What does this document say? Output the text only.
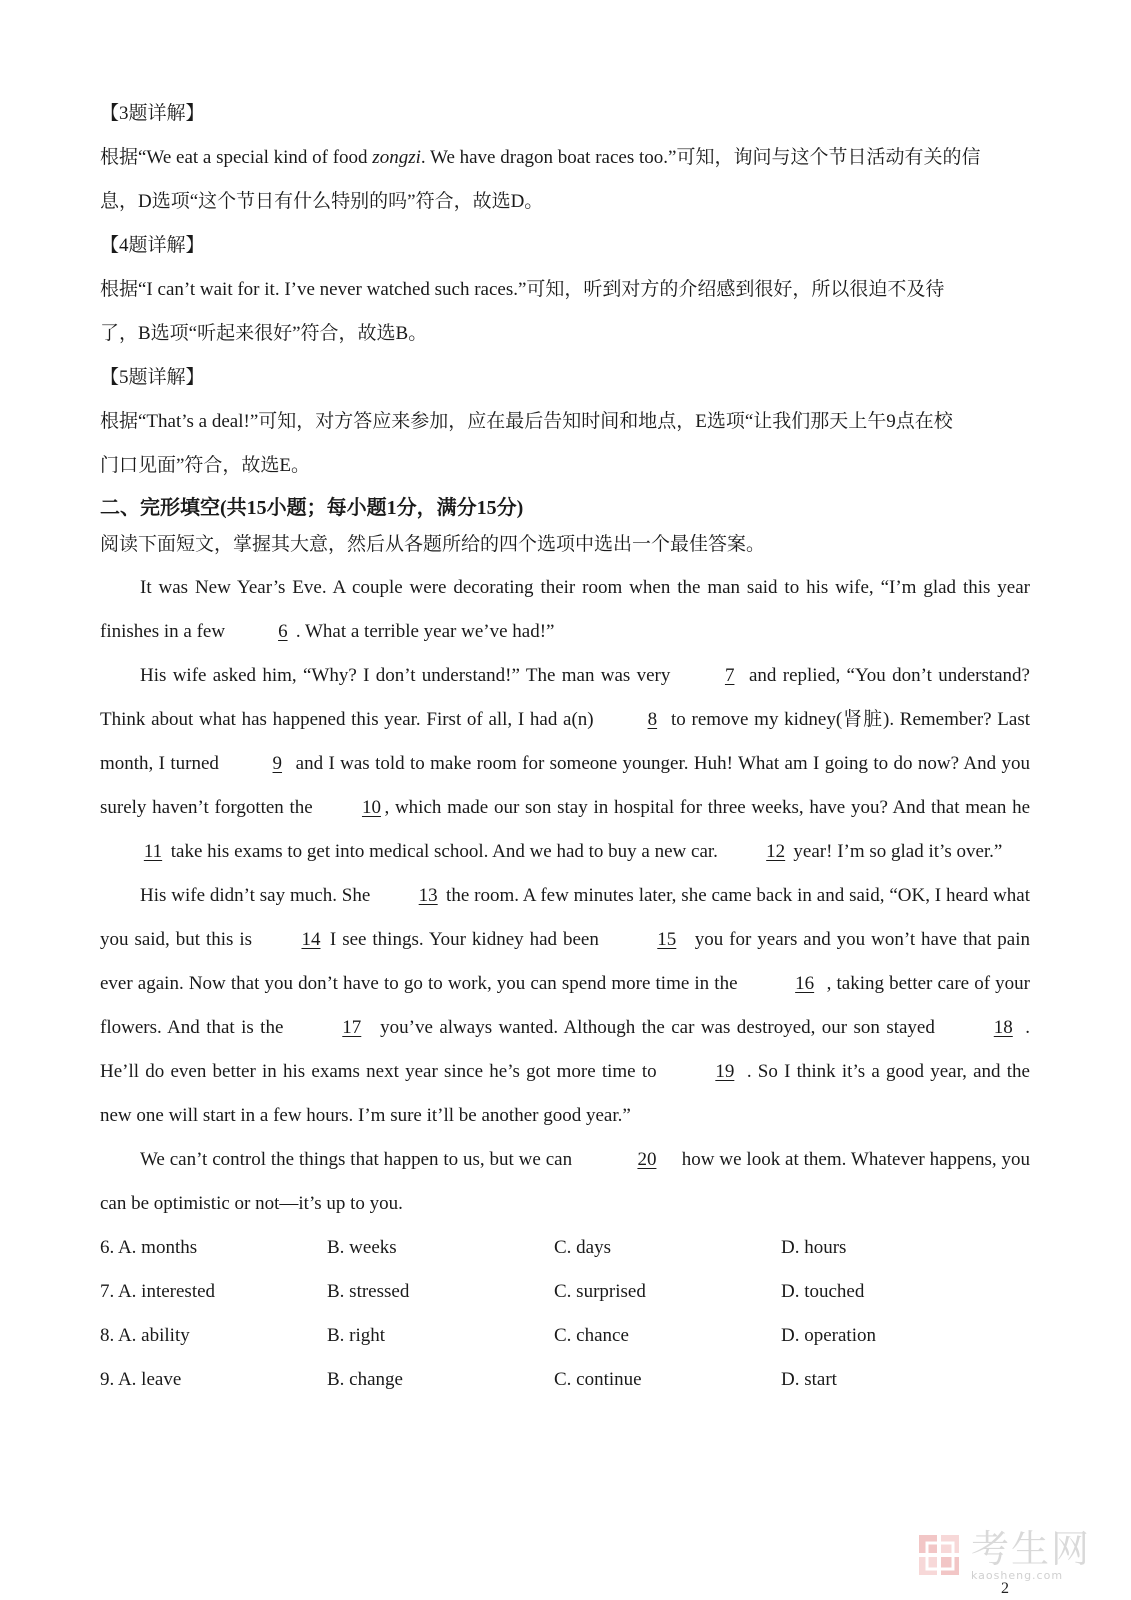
【3题详解】

根据“We eat a special kind of food zongzi. We have dragon boat races too.”可知，询问与这个节日活动有关的信

息，D选项“这个节日有什么特别的吗”符合，故选D。

【4题详解】

根据“I can’t wait for it. I’ve never watched such races.”可知，听到对方的介绍感到很好，所以很迫不及待

了，B选项“听起来很好”符合，故选B。

【5题详解】

根据“That’s a deal!”可知，对方答应来参加，应在最后告知时间和地点，E选项“让我们那天上午9点在校

门口见面”符合，故选E。

二、完形填空(共15小题；每小题1分，满分15分)

阅读下面短文，掌握其大意，然后从各题所给的四个选项中选出一个最佳答案。

It was New Year’s Eve. A couple were decorating their room when the man said to his wife, “I’m glad this year finishes in a few	6 . What a terrible year we’ve had!”

His wife asked him, “Why? I don’t understand!” The man was very	7 and replied, “You don’t understand? Think about what has happened this year. First of all, I had a(n)	8 to remove my kidney(肾脏). Remember? Last month, I turned	9 and I was told to make room for someone younger. Huh! What am I going to do now? And you surely haven’t forgotten the 10 , which made our son stay in hospital for three weeks, have you? And that mean he 11 take his exams to get into medical school. And we had to buy a new car. 12 year! I’m so glad it’s over.”

His wife didn’t say much. She 13 the room. A few minutes later, she came back in and said, “OK, I heard what you said, but this is 14 I see things. Your kidney had been	15 you for years and you won’t have that pain ever again. Now that you don’t have to go to work, you can spend more time in the	16 , taking better care of your flowers. And that is the	17 you’ve always wanted. Although the car was destroyed, our son stayed	18 . He’ll do even better in his exams next year since he’s got more time to	19 . So I think it’s a good year, and the new one will start in a few hours. I’m sure it’ll be another good year.”

We can’t control the things that happen to us, but we can	20 how we look at them. Whatever happens, you can be optimistic or not—it’s up to you.

6. A. months	B. weeks	C. days	D. hours
7. A. interested	B. stressed	C. surprised	D. touched
8. A. ability	B. right	C. chance	D. operation
9. A. leave	B. change	C. continue	D. start
考生网
kaosheng.com
2
